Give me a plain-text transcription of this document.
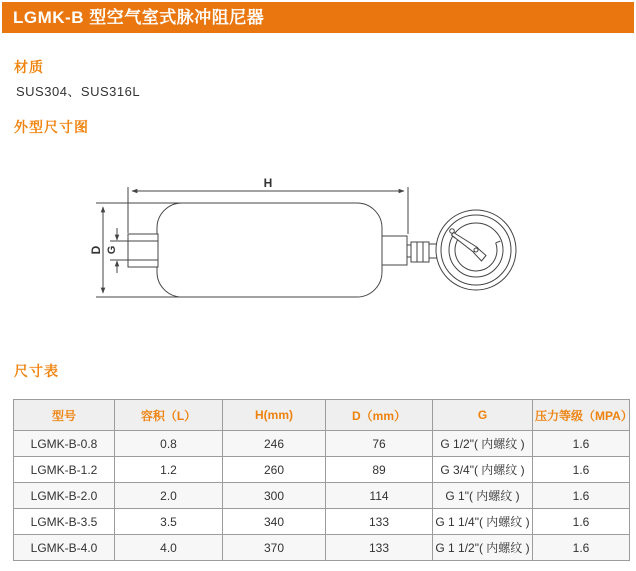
LGMK-B 型空气室式脉冲阻尼器
材质
SUS304、SUS316L
外型尺寸图
H
D G
尺寸表
型号	容积（L）	H(mm)	D（mm）	G	压力等级（MPA）
LGMK-B-0.8	0.8	246	76	G 1/2"( 内螺纹 )	1.6
LGMK-B-1.2	1.2	260	89	G 3/4"( 内螺纹 )	1.6
LGMK-B-2.0	2.0	300	114	G 1"( 内螺纹 )	1.6
LGMK-B-3.5	3.5	340	133	G 1 1/4"( 内螺纹 )	1.6
LGMK-B-4.0	4.0	370	133	G 1 1/2"( 内螺纹 )	1.6
